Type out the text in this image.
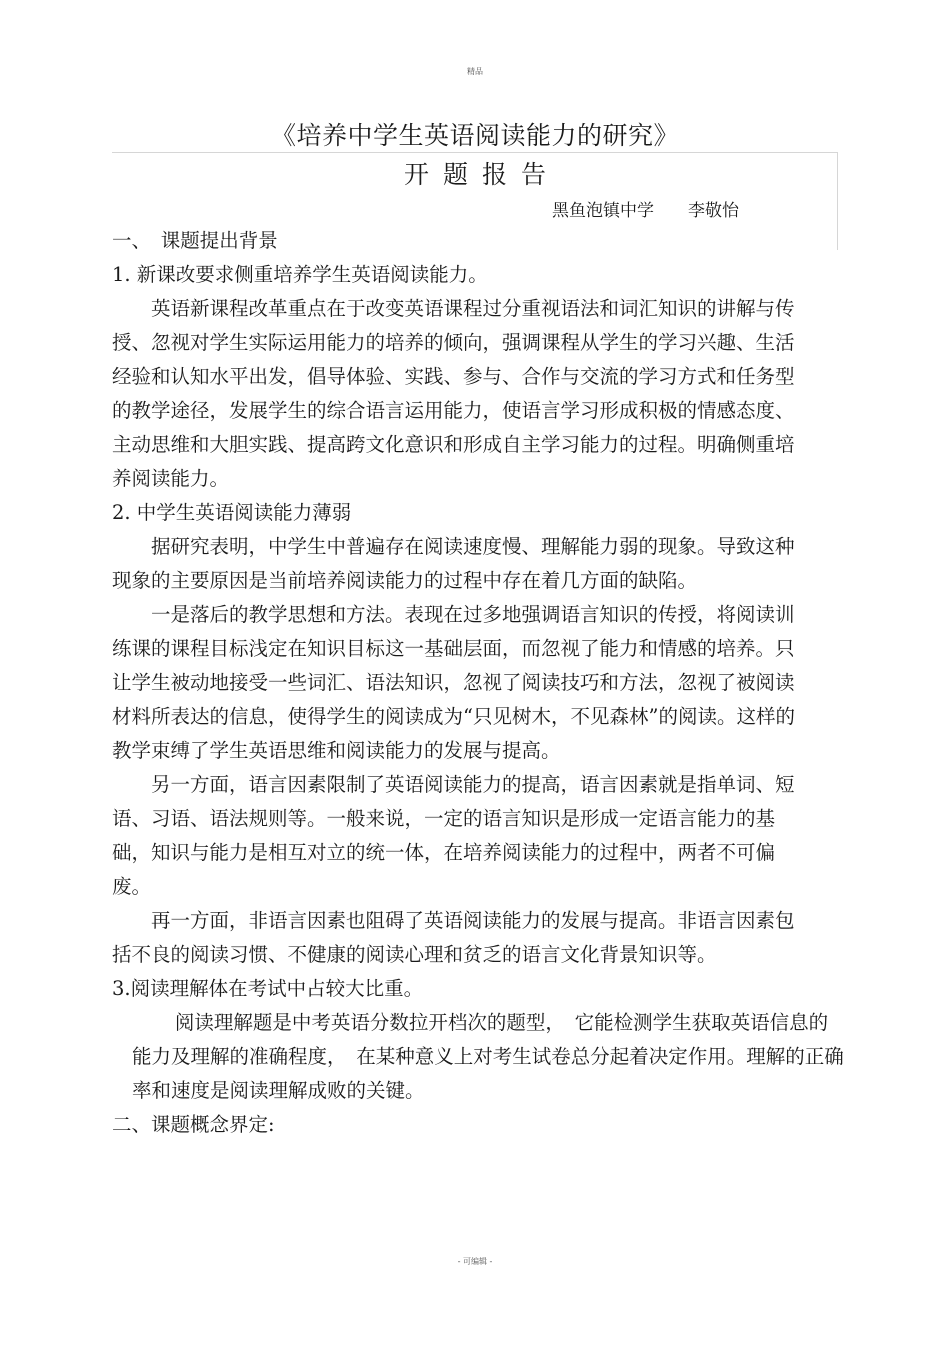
精品
《培养中学生英语阅读能力的研究》
开题报告
黑鱼泡镇中学　　李敬怡

一、　课题提出背景

1. 新课改要求侧重培养学生英语阅读能力。

英语新课程改革重点在于改变英语课程过分重视语法和词汇知识的讲解与传授、忽视对学生实际运用能力的培养的倾向，强调课程从学生的学习兴趣、生活经验和认知水平出发，倡导体验、实践、参与、合作与交流的学习方式和任务型的教学途径，发展学生的综合语言运用能力，使语言学习形成积极的情感态度、主动思维和大胆实践、提高跨文化意识和形成自主学习能力的过程。明确侧重培养阅读能力。

2. 中学生英语阅读能力薄弱

据研究表明，中学生中普遍存在阅读速度慢、理解能力弱的现象。导致这种现象的主要原因是当前培养阅读能力的过程中存在着几方面的缺陷。

一是落后的教学思想和方法。表现在过多地强调语言知识的传授，将阅读训练课的课程目标浅定在知识目标这一基础层面，而忽视了能力和情感的培养。只让学生被动地接受一些词汇、语法知识，忽视了阅读技巧和方法，忽视了被阅读材料所表达的信息，使得学生的阅读成为“只见树木，不见森林”的阅读。这样的教学束缚了学生英语思维和阅读能力的发展与提高。

另一方面，语言因素限制了英语阅读能力的提高，语言因素就是指单词、短语、习语、语法规则等。一般来说，一定的语言知识是形成一定语言能力的基础，知识与能力是相互对立的统一体，在培养阅读能力的过程中，两者不可偏废。

再一方面，非语言因素也阻碍了英语阅读能力的发展与提高。非语言因素包括不良的阅读习惯、不健康的阅读心理和贫乏的语言文化背景知识等。

3.阅读理解体在考试中占较大比重。

阅读理解题是中考英语分数拉开档次的题型，　它能检测学生获取英语信息的能力及理解的准确程度，　在某种意义上对考生试卷总分起着决定作用。理解的正确率和速度是阅读理解成败的关键。

二、课题概念界定:

- 可编辑 -
